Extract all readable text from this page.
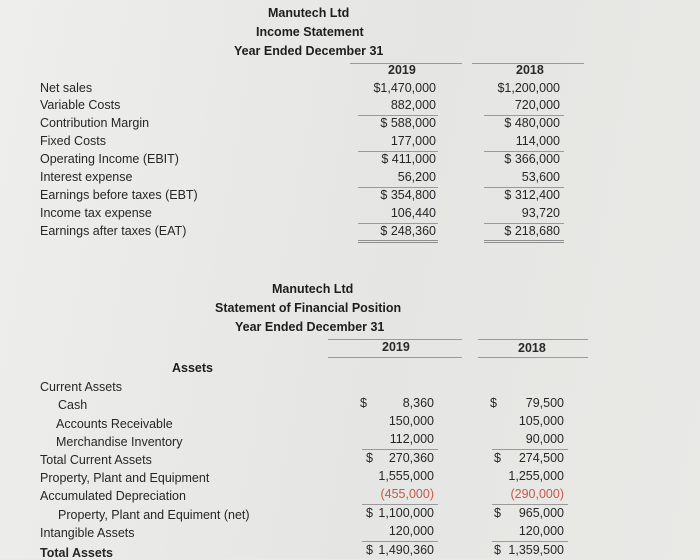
Manutech Ltd
Income Statement
Year Ended December 31
2019	2018
Net sales
Variable Costs
Contribution Margin
Fixed Costs
Operating Income (EBIT)
Interest expense
Earnings before taxes (EBT)
Income tax expense
Earnings after taxes (EAT)
$1,470,000
882,000
$ 588,000
177,000
$ 411,000
56,200
$ 354,800
106,440
$ 248,360
$1,200,000
720,000
$ 480,000
114,000
$ 366,000
53,600
$ 312,400
93,720
$ 218,680
Manutech Ltd
Statement of Financial Position
Year Ended December 31
2019	2018
Assets
Current Assets
Cash
Accounts Receivable
Merchandise Inventory
Total Current Assets
Property, Plant and Equipment
Accumulated Depreciation
Property, Plant and Equiment (net)
Intangible Assets
Total Assets
$
$
$
$
8,360
150,000
112,000
270,360
1,555,000
(455,000)
1,100,000
120,000
1,490,360
$
$
$
$
79,500
105,000
90,000
274,500
1,255,000
(290,000)
965,000
120,000
1,359,500
